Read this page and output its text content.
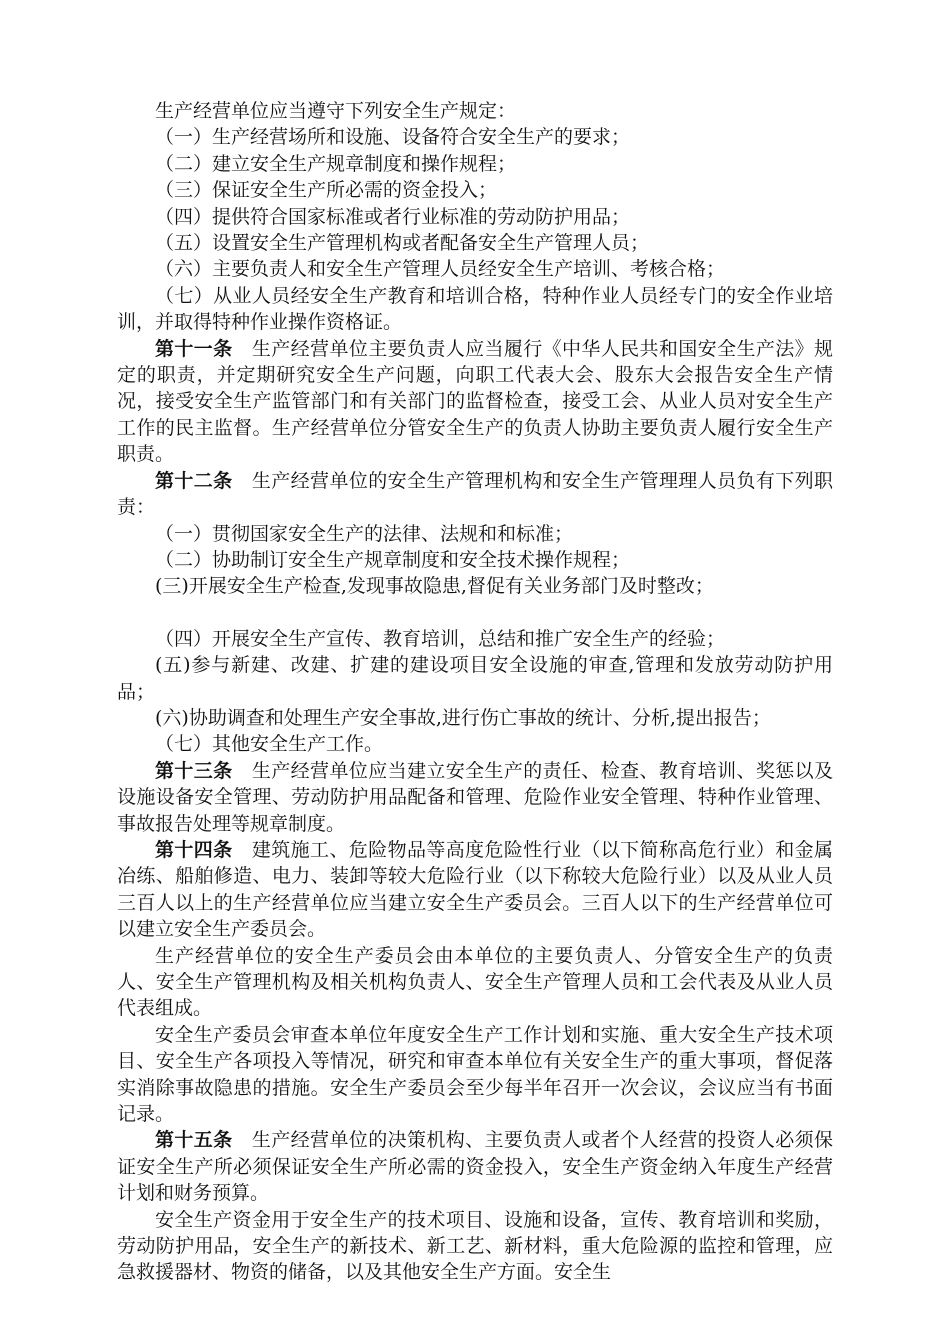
生产经营单位应当遵守下列安全生产规定：

（一）生产经营场所和设施、设备符合安全生产的要求；

（二）建立安全生产规章制度和操作规程；

（三）保证安全生产所必需的资金投入；

（四）提供符合国家标准或者行业标准的劳动防护用品；

（五）设置安全生产管理机构或者配备安全生产管理人员；

（六）主要负责人和安全生产管理人员经安全生产培训、考核合格；

（七）从业人员经安全生产教育和培训合格，特种作业人员经专门的安全作业培训，并取得特种作业操作资格证。

第十一条 生产经营单位主要负责人应当履行《中华人民共和国安全生产法》规定的职责，并定期研究安全生产问题，向职工代表大会、股东大会报告安全生产情况，接受安全生产监管部门和有关部门的监督检查，接受工会、从业人员对安全生产工作的民主监督。生产经营单位分管安全生产的负责人协助主要负责人履行安全生产职责。

第十二条 生产经营单位的安全生产管理机构和安全生产管理理人员负有下列职责：

（一）贯彻国家安全生产的法律、法规和和标准；

（二）协助制订安全生产规章制度和安全技术操作规程；

(三)开展安全生产检查,发现事故隐患,督促有关业务部门及时整改；

（四）开展安全生产宣传、教育培训，总结和推广安全生产的经验；

(五)参与新建、改建、扩建的建设项目安全设施的审查,管理和发放劳动防护用品；

(六)协助调查和处理生产安全事故,进行伤亡事故的统计、分析,提出报告；

（七）其他安全生产工作。

第十三条 生产经营单位应当建立安全生产的责任、检查、教育培训、奖惩以及设施设备安全管理、劳动防护用品配备和管理、危险作业安全管理、特种作业管理、事故报告处理等规章制度。

第十四条 建筑施工、危险物品等高度危险性行业（以下简称高危行业）和金属冶练、船舶修造、电力、装卸等较大危险行业（以下称较大危险行业）以及从业人员三百人以上的生产经营单位应当建立安全生产委员会。三百人以下的生产经营单位可以建立安全生产委员会。

生产经营单位的安全生产委员会由本单位的主要负责人、分管安全生产的负责人、安全生产管理机构及相关机构负责人、安全生产管理人员和工会代表及从业人员代表组成。

安全生产委员会审查本单位年度安全生产工作计划和实施、重大安全生产技术项目、安全生产各项投入等情况，研究和审查本单位有关安全生产的重大事项，督促落实消除事故隐患的措施。安全生产委员会至少每半年召开一次会议，会议应当有书面记录。

第十五条 生产经营单位的决策机构、主要负责人或者个人经营的投资人必须保证安全生产所必须保证安全生产所必需的资金投入，安全生产资金纳入年度生产经营计划和财务预算。

安全生产资金用于安全生产的技术项目、设施和设备，宣传、教育培训和奖励，劳动防护用品，安全生产的新技术、新工艺、新材料，重大危险源的监控和管理，应急救援器材、物资的储备，以及其他安全生产方面。安全生
